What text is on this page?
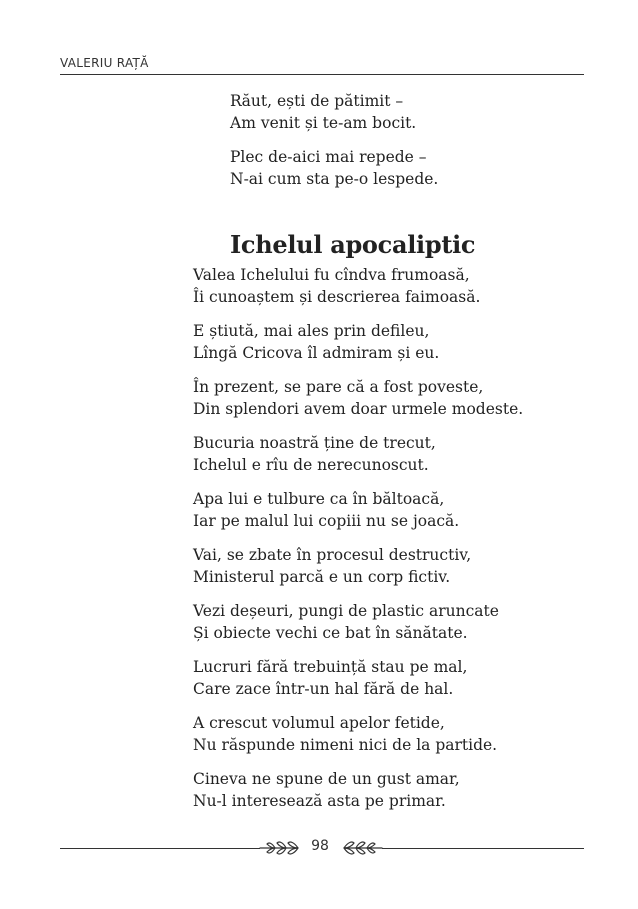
VALERIU RAȚĂ
Răut, ești de pătimit –
Am venit și te-am bocit.
Plec de-aici mai repede –
N-ai cum sta pe-o lespede.
Ichelul apocaliptic
Valea Ichelului fu cîndva frumoasă,
Îi cunoaștem și descrierea faimoasă.
E știută, mai ales prin defileu,
Lîngă Cricova îl admiram și eu.
În prezent, se pare că a fost poveste,
Din splendori avem doar urmele modeste.
Bucuria noastră ține de trecut,
Ichelul e rîu de nerecunoscut.
Apa lui e tulbure ca în băltoacă,
Iar pe malul lui copiii nu se joacă.
Vai, se zbate în procesul destructiv,
Ministerul parcă e un corp fictiv.
Vezi deșeuri, pungi de plastic aruncate
Și obiecte vechi ce bat în sănătate.
Lucruri fără trebuință stau pe mal,
Care zace într-un hal fără de hal.
A crescut volumul apelor fetide,
Nu răspunde nimeni nici de la partide.
Cineva ne spune de un gust amar,
Nu-l interesează asta pe primar.
98
